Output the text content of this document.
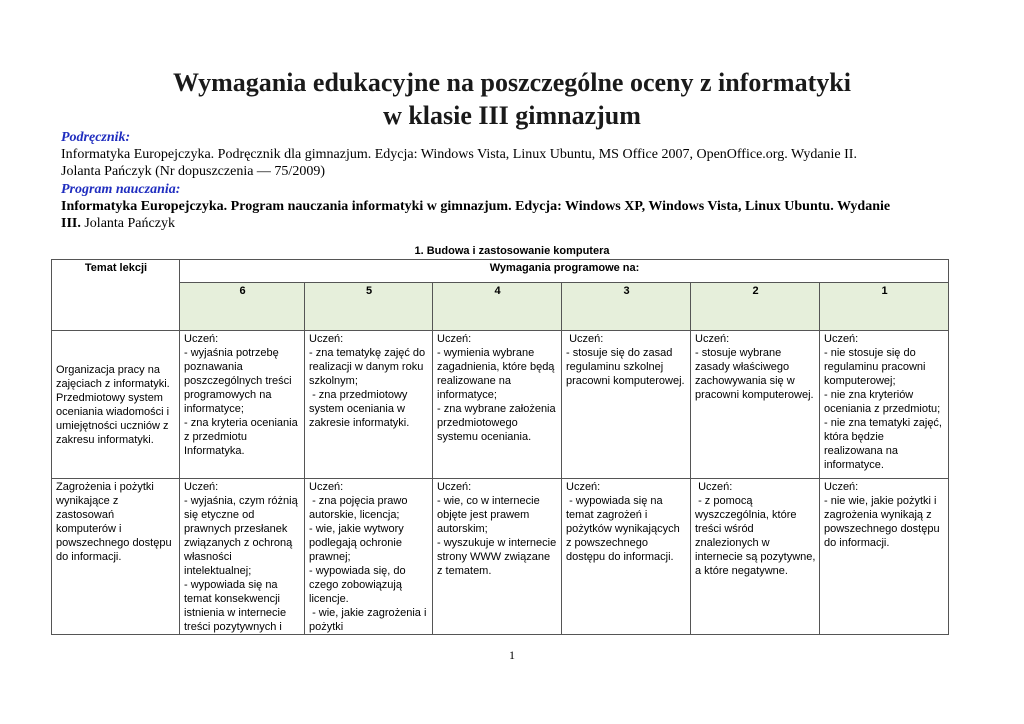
Wymagania edukacyjne na poszczególne oceny z informatyki
w klasie III gimnazjum
Podręcznik:
Informatyka Europejczyka. Podręcznik dla gimnazjum. Edycja: Windows Vista, Linux Ubuntu, MS Office 2007, OpenOffice.org. Wydanie II.
Jolanta Pańczyk (Nr dopuszczenia — 75/2009)
Program nauczania:
Informatyka Europejczyka. Program nauczania informatyki w gimnazjum. Edycja: Windows XP, Windows Vista, Linux Ubuntu. Wydanie
III. Jolanta Pańczyk
1. Budowa i zastosowanie komputera
Temat lekcji	Wymagania programowe na:					
	6	5	4	3	2	1
Organizacja pracy na zajęciach z informatyki. Przedmiotowy system oceniania wiadomości i umiejętności uczniów z zakresu informatyki.	Uczeń:
- wyjaśnia potrzebę poznawania poszczególnych treści programowych na informatyce;
- zna kryteria oceniania z przedmiotu Informatyka.	Uczeń:
- zna tematykę zajęć do realizacji w danym roku szkolnym;
- zna przedmiotowy system oceniania w zakresie informatyki.	Uczeń:
- wymienia wybrane zagadnienia, które będą realizowane na informatyce;
- zna wybrane założenia przedmiotowego systemu oceniania.	Uczeń:
- stosuje się do zasad regulaminu szkolnej pracowni komputerowej.	Uczeń:
- stosuje wybrane zasady właściwego zachowywania się w pracowni komputerowej.	Uczeń:
- nie stosuje się do regulaminu pracowni komputerowej;
- nie zna kryteriów oceniania z przedmiotu;
- nie zna tematyki zajęć, która będzie realizowana na informatyce.
Zagrożenia i pożytki wynikające z zastosowań komputerów i powszechnego dostępu do informacji.	Uczeń:
- wyjaśnia, czym różnią się etyczne od prawnych przesłanek związanych z ochroną własności intelektualnej;
- wypowiada się na temat konsekwencji istnienia w internecie treści pozytywnych i	Uczeń:
- zna pojęcia prawo autorskie, licencja;
- wie, jakie wytwory podlegają ochronie prawnej;
- wypowiada się, do czego zobowiązują licencje.
- wie, jakie zagrożenia i pożytki	Uczeń:
- wie, co w internecie objęte jest prawem autorskim;
- wyszukuje w internecie strony WWW związane z tematem.	Uczeń:
- wypowiada się na temat zagrożeń i pożytków wynikających z powszechnego dostępu do informacji.	Uczeń:
- z pomocą wyszczególnia, które treści wśród znalezionych w internecie są pozytywne, a które negatywne.	Uczeń:
- nie wie, jakie pożytki i zagrożenia wynikają z powszechnego dostępu do informacji.
1
